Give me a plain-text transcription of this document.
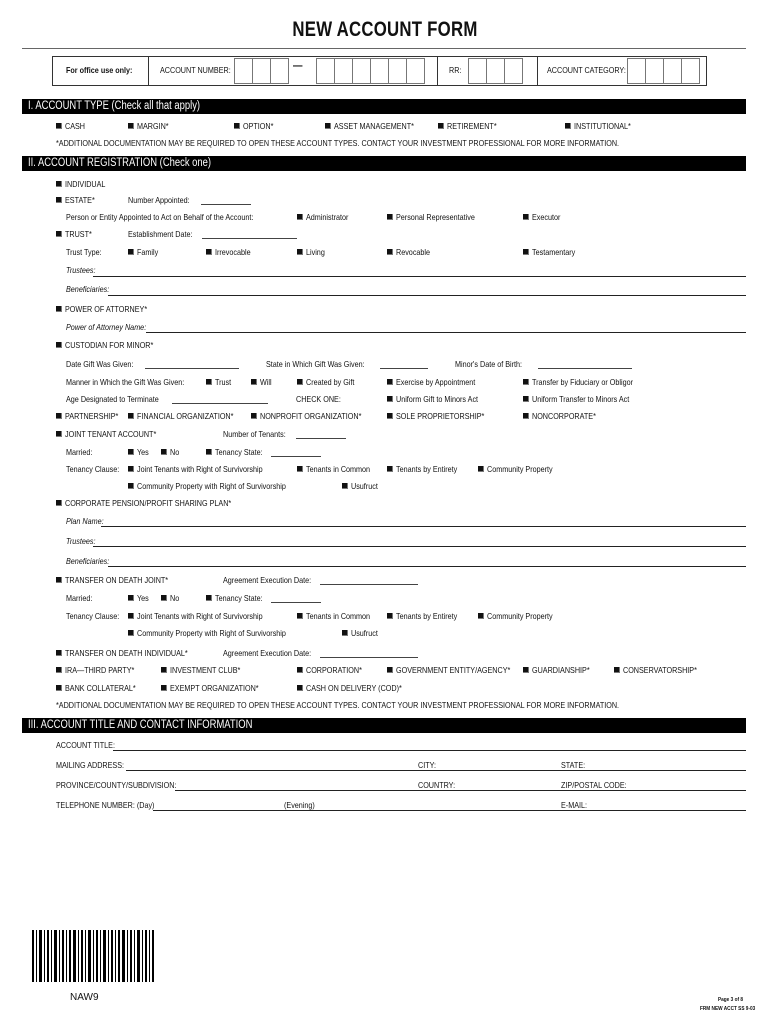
NEW ACCOUNT FORM
For office use only:	ACCOUNT NUMBER:	—	RR:	ACCOUNT CATEGORY:
I. ACCOUNT TYPE (Check all that apply)
CASH	MARGIN*	OPTION*	ASSET MANAGEMENT*	RETIREMENT*	INSTITUTIONAL*
*ADDITIONAL DOCUMENTATION MAY BE REQUIRED TO OPEN THESE ACCOUNT TYPES. CONTACT YOUR INVESTMENT PROFESSIONAL FOR MORE INFORMATION.
II. ACCOUNT REGISTRATION (Check one)
INDIVIDUAL
ESTATE*	Number Appointed:
Person or Entity Appointed to Act on Behalf of the Account:	Administrator	Personal Representative	Executor
TRUST*	Establishment Date:
Trust Type:	Family	Irrevocable	Living	Revocable	Testamentary
Trustees:
Beneficiaries:
POWER OF ATTORNEY*
Power of Attorney Name:
CUSTODIAN FOR MINOR*
Date Gift Was Given:	State in Which Gift Was Given:	Minor's Date of Birth:
Manner in Which the Gift Was Given:	Trust	Will	Created by Gift	Exercise by Appointment	Transfer by Fiduciary or Obligor
Age Designated to Terminate	CHECK ONE:	Uniform Gift to Minors Act	Uniform Transfer to Minors Act
PARTNERSHIP* FINANCIAL ORGANIZATION*	NONPROFIT ORGANIZATION*	SOLE PROPRIETORSHIP*	NONCORPORATE*
JOINT TENANT ACCOUNT*	Number of Tenants:
Married:	Yes	No	Tenancy State:
Tenancy Clause: Joint Tenants with Right of Survivorship	Tenants in Common	Tenants by Entirety	Community Property
Community Property with Right of Survivorship	Usufruct
CORPORATE PENSION/PROFIT SHARING PLAN*
Plan Name:
Trustees:
Beneficiaries:
TRANSFER ON DEATH JOINT*	Agreement Execution Date:
Married:	Yes	No	Tenancy State:
Tenancy Clause: Joint Tenants with Right of Survivorship	Tenants in Common	Tenants by Entirety	Community Property
Community Property with Right of Survivorship	Usufruct
TRANSFER ON DEATH INDIVIDUAL*	Agreement Execution Date:
IRA—THIRD PARTY*	INVESTMENT CLUB*	CORPORATION*	GOVERNMENT ENTITY/AGENCY*	GUARDIANSHIP*	CONSERVATORSHIP*
BANK COLLATERAL*	EXEMPT ORGANIZATION*	CASH ON DELIVERY (COD)*
*ADDITIONAL DOCUMENTATION MAY BE REQUIRED TO OPEN THESE ACCOUNT TYPES. CONTACT YOUR INVESTMENT PROFESSIONAL FOR MORE INFORMATION.
III. ACCOUNT TITLE AND CONTACT INFORMATION
ACCOUNT TITLE:
MAILING ADDRESS:	CITY:	STATE:
PROVINCE/COUNTY/SUBDIVISION:	COUNTRY:	ZIP/POSTAL CODE:
TELEPHONE NUMBER: (Day)	(Evening)	E-MAIL:
NAW9	Page 3 of 8
FRM NEW ACCT SS 9-03
